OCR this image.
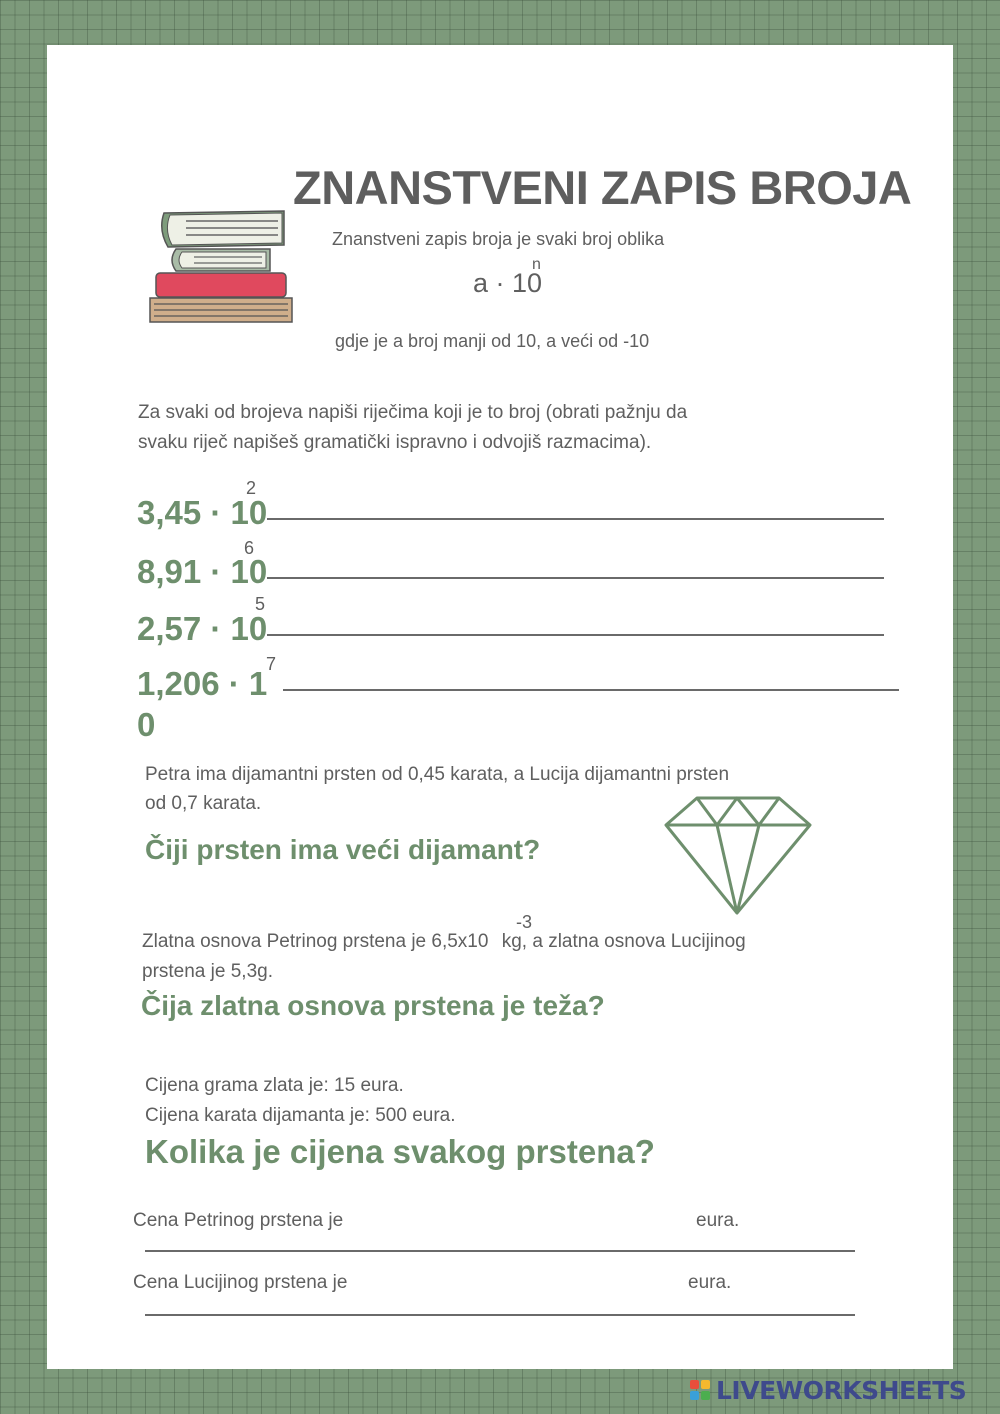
ZNANSTVENI ZAPIS BROJA
Znanstveni zapis broja je svaki broj oblika
a · 10
n
gdje je a broj manji od 10, a veći od -10
Za svaki od brojeva napiši riječima koji je to broj (obrati pažnju da
svaku riječ napišeš gramatički ispravno i odvojiš razmacima).
3,45 · 10
2
8,91 · 10
6
2,57 · 10
5
1,206 · 1
0
7
Petra ima dijamantni prsten od 0,45 karata, a Lucija dijamantni prsten
od 0,7 karata.
Čiji prsten ima veći dijamant?
Zlatna osnova Petrinog prstena je 6,5x10 kg, a zlatna osnova Lucijinog
-3
prstena je 5,3g.
Čija zlatna osnova prstena je teža?
Cijena grama zlata je: 15 eura.
Cijena karata dijamanta je: 500 eura.
Kolika je cijena svakog prstena?
Cena Petrinog prstena je	eura.
Cena Lucijinog prstena je	eura.
LIVEWORKSHEETS
